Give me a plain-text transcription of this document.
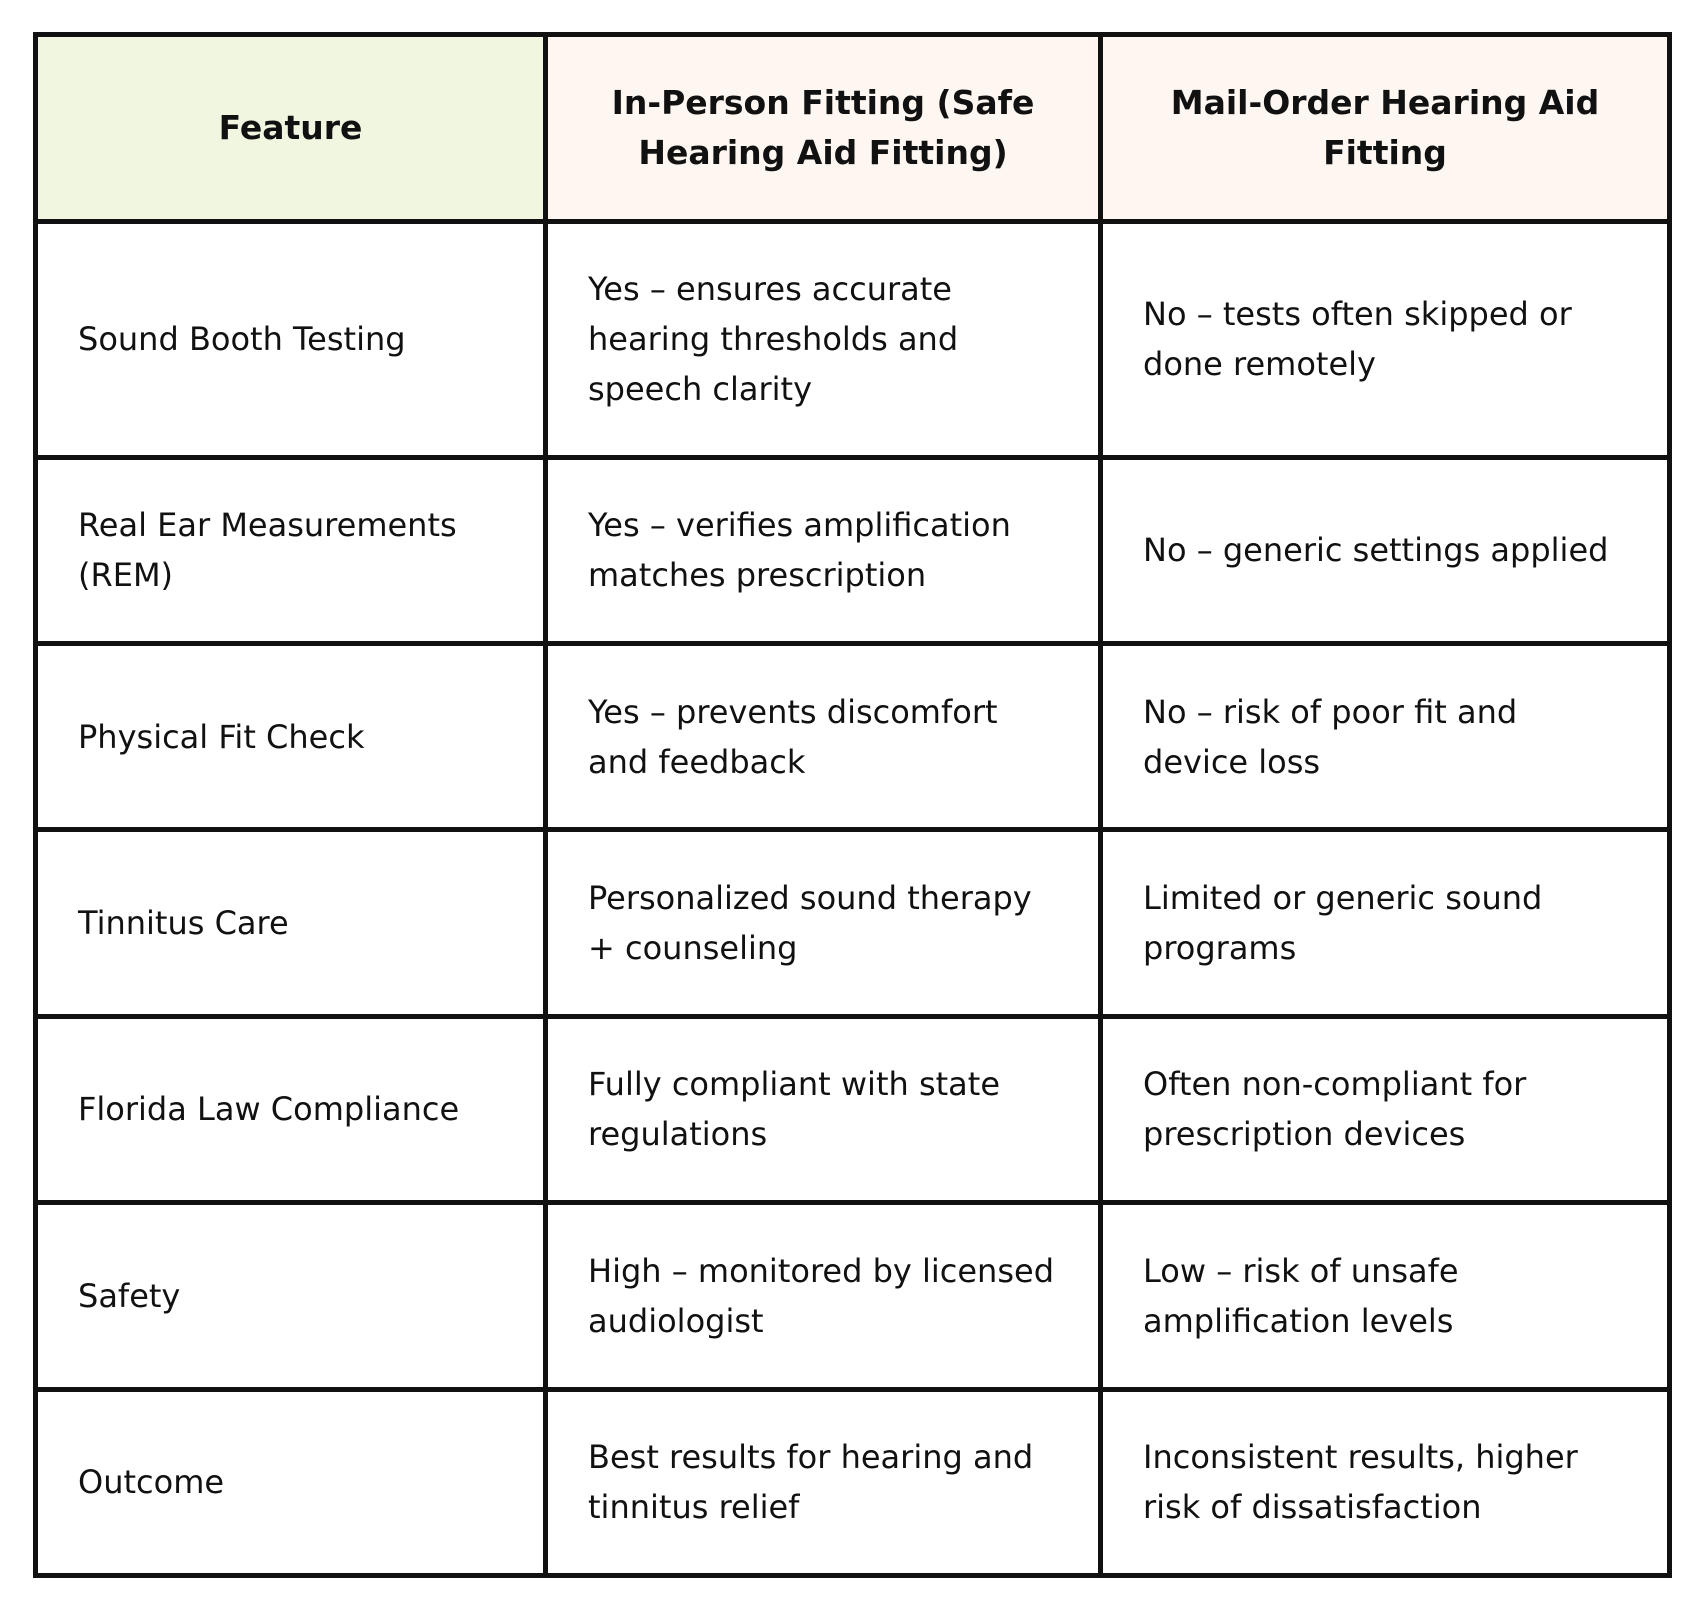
Feature	In-Person Fitting (Safe Hearing Aid Fitting)	Mail-Order Hearing Aid Fitting
Sound Booth Testing	Yes – ensures accurate hearing thresholds and speech clarity	No – tests often skipped or done remotely
Real Ear Measurements (REM)	Yes – verifies amplification matches prescription	No – generic settings applied
Physical Fit Check	Yes – prevents discomfort and feedback	No – risk of poor fit and device loss
Tinnitus Care	Personalized sound therapy + counseling	Limited or generic sound programs
Florida Law Compliance	Fully compliant with state regulations	Often non-compliant for prescription devices
Safety	High – monitored by licensed audiologist	Low – risk of unsafe amplification levels
Outcome	Best results for hearing and tinnitus relief	Inconsistent results, higher risk of dissatisfaction
